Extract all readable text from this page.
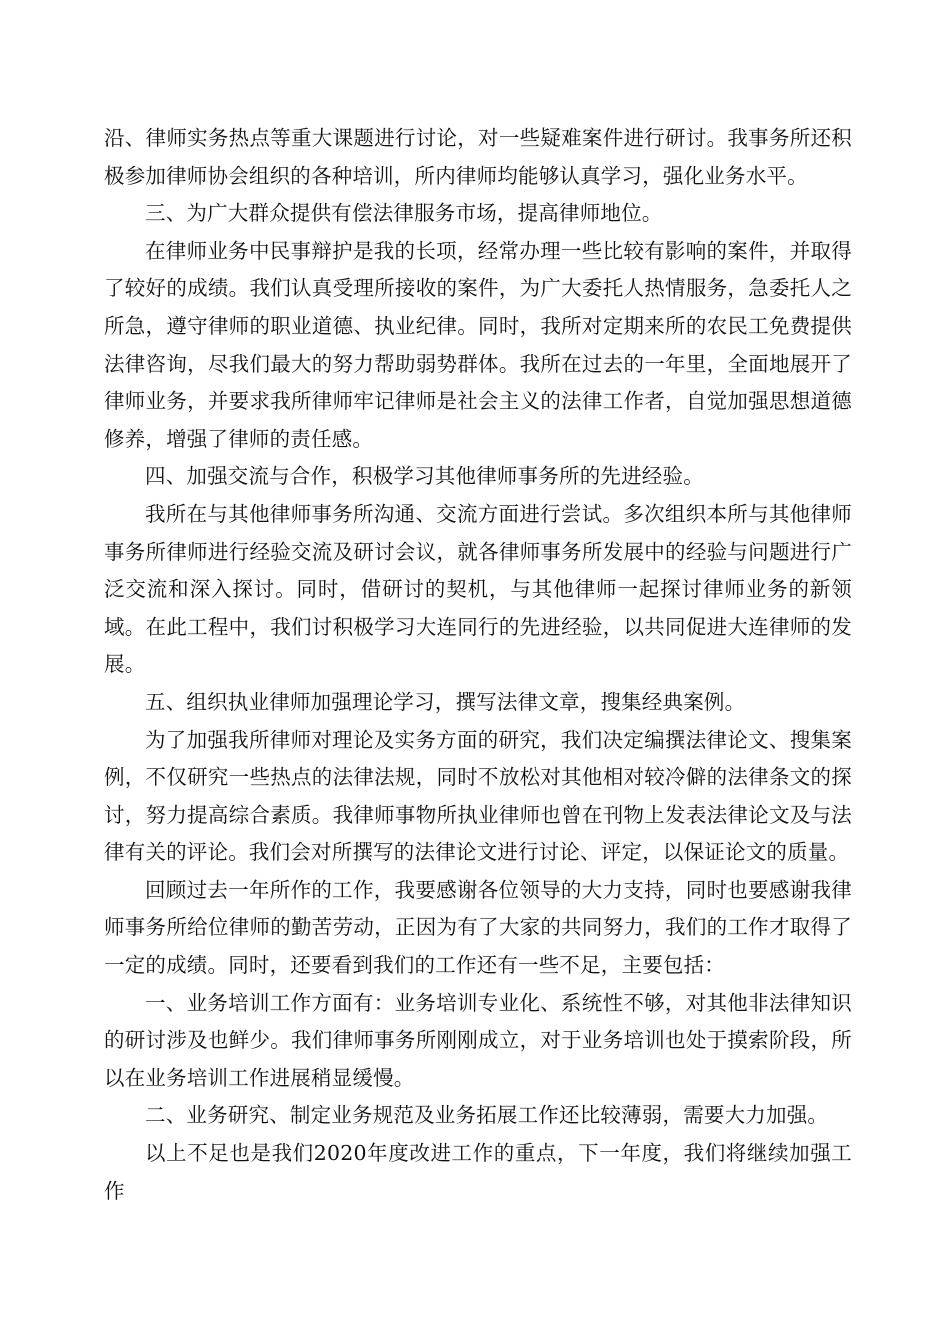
沿、律师实务热点等重大课题进行讨论，对一些疑难案件进行研讨。我事务所还积极参加律师协会组织的各种培训，所内律师均能够认真学习，强化业务水平。

三、为广大群众提供有偿法律服务市场，提高律师地位。

在律师业务中民事辩护是我的长项，经常办理一些比较有影响的案件，并取得了较好的成绩。我们认真受理所接收的案件，为广大委托人热情服务，急委托人之所急，遵守律师的职业道德、执业纪律。同时，我所对定期来所的农民工免费提供法律咨询，尽我们最大的努力帮助弱势群体。我所在过去的一年里，全面地展开了律师业务，并要求我所律师牢记律师是社会主义的法律工作者，自觉加强思想道德修养，增强了律师的责任感。

四、加强交流与合作，积极学习其他律师事务所的先进经验。

我所在与其他律师事务所沟通、交流方面进行尝试。多次组织本所与其他律师事务所律师进行经验交流及研讨会议，就各律师事务所发展中的经验与问题进行广泛交流和深入探讨。同时，借研讨的契机，与其他律师一起探讨律师业务的新领域。在此工程中，我们讨积极学习大连同行的先进经验，以共同促进大连律师的发展。

五、组织执业律师加强理论学习，撰写法律文章，搜集经典案例。

为了加强我所律师对理论及实务方面的研究，我们决定编撰法律论文、搜集案例，不仅研究一些热点的法律法规，同时不放松对其他相对较冷僻的法律条文的探讨，努力提高综合素质。我律师事物所执业律师也曾在刊物上发表法律论文及与法律有关的评论。我们会对所撰写的法律论文进行讨论、评定，以保证论文的质量。

回顾过去一年所作的工作，我要感谢各位领导的大力支持，同时也要感谢我律师事务所给位律师的勤苦劳动，正因为有了大家的共同努力，我们的工作才取得了一定的成绩。同时，还要看到我们的工作还有一些不足，主要包括：

一、业务培训工作方面有：业务培训专业化、系统性不够，对其他非法律知识的研讨涉及也鲜少。我们律师事务所刚刚成立，对于业务培训也处于摸索阶段，所以在业务培训工作进展稍显缓慢。

二、业务研究、制定业务规范及业务拓展工作还比较薄弱，需要大力加强。

以上不足也是我们2020年度改进工作的重点，下一年度，我们将继续加强工作
